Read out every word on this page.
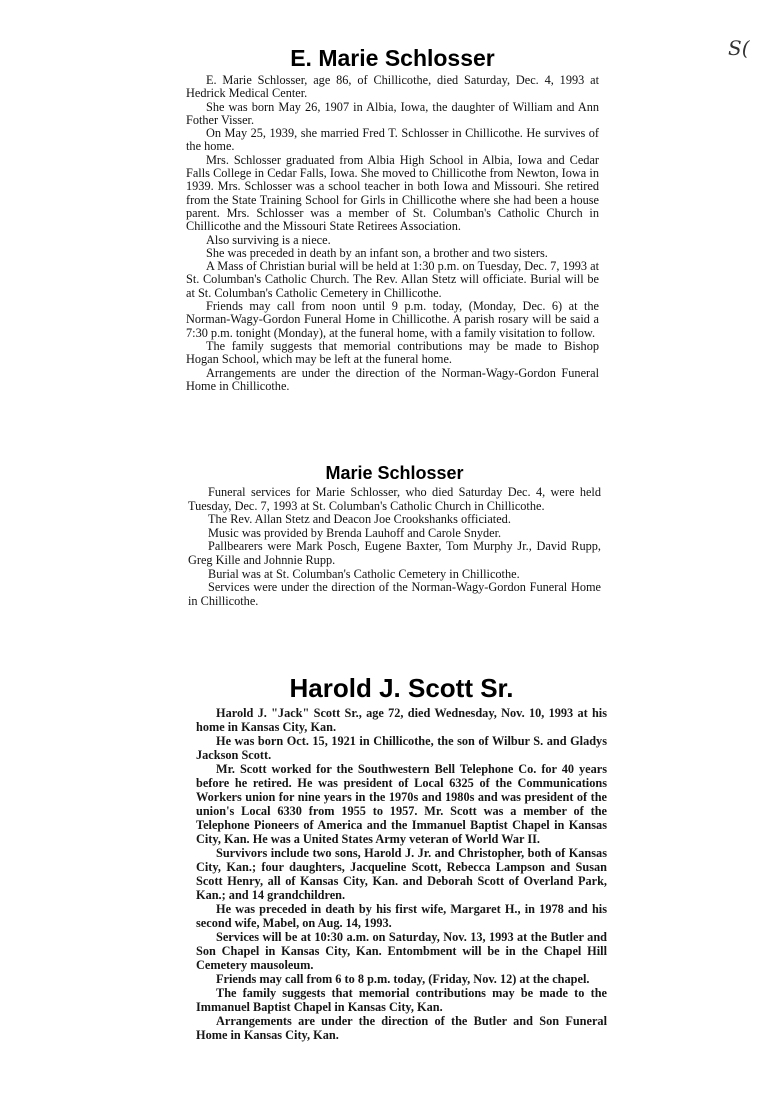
S(
E. Marie Schlosser

E. Marie Schlosser, age 86, of Chillicothe, died Saturday, Dec. 4, 1993 at Hedrick Medical Center.

She was born May 26, 1907 in Albia, Iowa, the daughter of William and Ann Fother Visser.

On May 25, 1939, she married Fred T. Schlosser in Chillicothe. He survives of the home.

Mrs. Schlosser graduated from Albia High School in Albia, Iowa and Cedar Falls College in Cedar Falls, Iowa. She moved to Chillicothe from Newton, Iowa in 1939. Mrs. Schlosser was a school teacher in both Iowa and Missouri. She retired from the State Training School for Girls in Chillicothe where she had been a house parent. Mrs. Schlosser was a member of St. Columban's Catholic Church in Chillicothe and the Missouri State Retirees Association.

Also surviving is a niece.

She was preceded in death by an infant son, a brother and two sisters.

A Mass of Christian burial will be held at 1:30 p.m. on Tuesday, Dec. 7, 1993 at St. Columban's Catholic Church. The Rev. Allan Stetz will officiate. Burial will be at St. Columban's Catholic Cemetery in Chillicothe.

Friends may call from noon until 9 p.m. today, (Monday, Dec. 6) at the Norman-Wagy-Gordon Funeral Home in Chillicothe. A parish rosary will be said a 7:30 p.m. tonight (Monday), at the funeral home, with a family visitation to follow.

The family suggests that memorial contributions may be made to Bishop Hogan School, which may be left at the funeral home.

Arrangements are under the direction of the Norman-Wagy-Gordon Funeral Home in Chillicothe.

Marie Schlosser

Funeral services for Marie Schlosser, who died Saturday Dec. 4, were held Tuesday, Dec. 7, 1993 at St. Columban's Catholic Church in Chillicothe.

The Rev. Allan Stetz and Deacon Joe Crookshanks officiated.

Music was provided by Brenda Lauhoff and Carole Snyder.

Pallbearers were Mark Posch, Eugene Baxter, Tom Murphy Jr., David Rupp, Greg Kille and Johnnie Rupp.

Burial was at St. Columban's Catholic Cemetery in Chillicothe.

Services were under the direction of the Norman-Wagy-Gordon Funeral Home in Chillicothe.

Harold J. Scott Sr.

Harold J. "Jack" Scott Sr., age 72, died Wednesday, Nov. 10, 1993 at his home in Kansas City, Kan.

He was born Oct. 15, 1921 in Chillicothe, the son of Wilbur S. and Gladys Jackson Scott.

Mr. Scott worked for the Southwestern Bell Telephone Co. for 40 years before he retired. He was president of Local 6325 of the Communications Workers union for nine years in the 1970s and 1980s and was president of the union's Local 6330 from 1955 to 1957. Mr. Scott was a member of the Telephone Pioneers of America and the Immanuel Baptist Chapel in Kansas City, Kan. He was a United States Army veteran of World War II.

Survivors include two sons, Harold J. Jr. and Christopher, both of Kansas City, Kan.; four daughters, Jacqueline Scott, Rebecca Lampson and Susan Scott Henry, all of Kansas City, Kan. and Deborah Scott of Overland Park, Kan.; and 14 grandchildren.

He was preceded in death by his first wife, Margaret H., in 1978 and his second wife, Mabel, on Aug. 14, 1993.

Services will be at 10:30 a.m. on Saturday, Nov. 13, 1993 at the Butler and Son Chapel in Kansas City, Kan. Entombment will be in the Chapel Hill Cemetery mausoleum.

Friends may call from 6 to 8 p.m. today, (Friday, Nov. 12) at the chapel.

The family suggests that memorial contributions may be made to the Immanuel Baptist Chapel in Kansas City, Kan.

Arrangements are under the direction of the Butler and Son Funeral Home in Kansas City, Kan.
